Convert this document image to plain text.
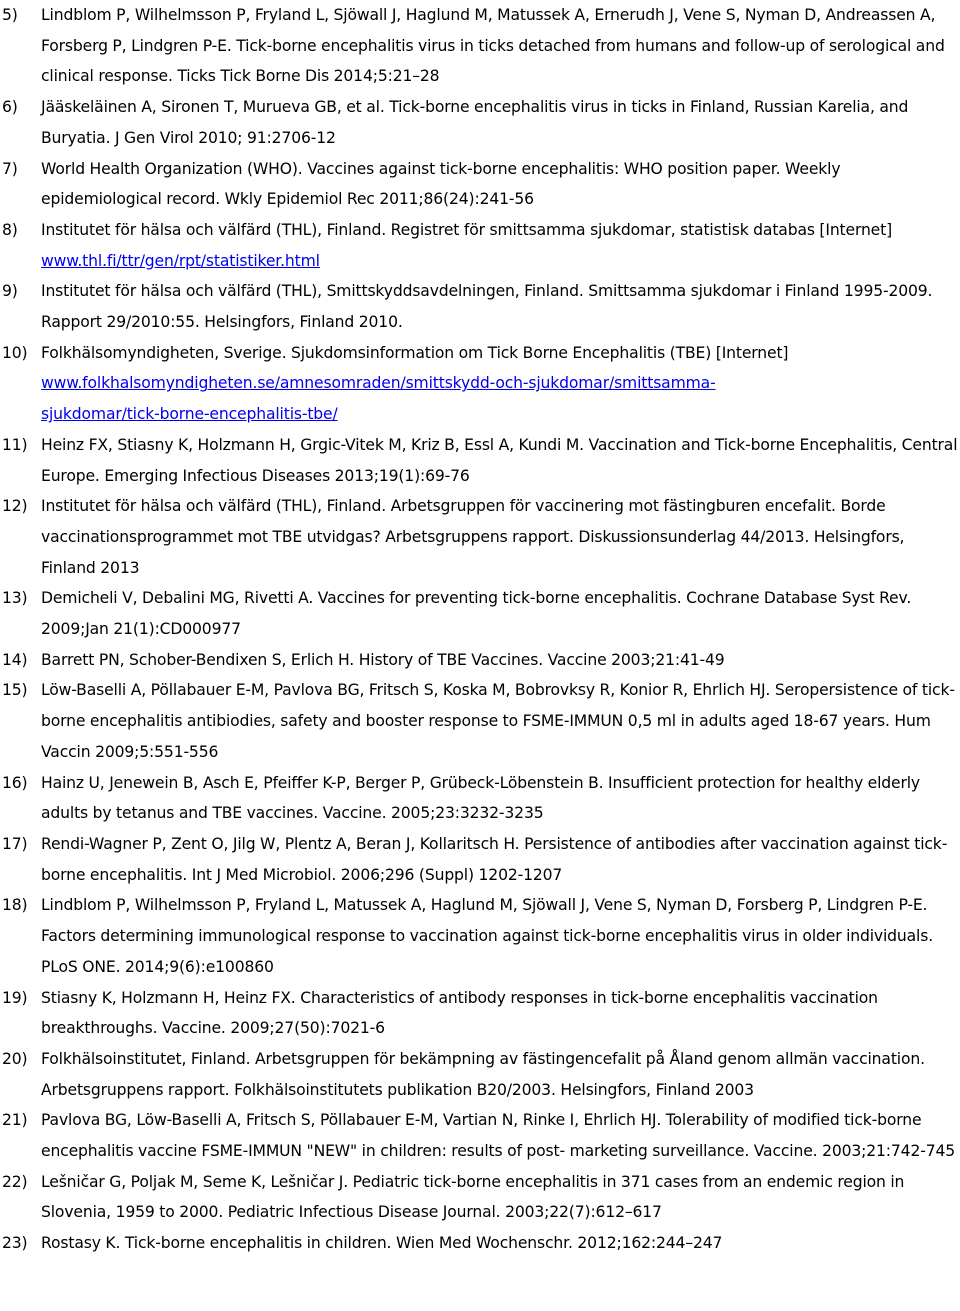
5) Lindblom P, Wilhelmsson P, Fryland L, Sjöwall J, Haglund M, Matussek A, Ernerudh J, Vene S, Nyman D, Andreassen A, Forsberg P, Lindgren P-E. Tick-borne encephalitis virus in ticks detached from humans and follow-up of serological and clinical response. Ticks Tick Borne Dis 2014;5:21–28
6) Jääskeläinen A, Sironen T, Murueva GB, et al. Tick-borne encephalitis virus in ticks in Finland, Russian Karelia, and Buryatia. J Gen Virol 2010; 91:2706-12
7) World Health Organization (WHO). Vaccines against tick-borne encephalitis: WHO position paper. Weekly epidemiological record. Wkly Epidemiol Rec 2011;86(24):241-56
8) Institutet för hälsa och välfärd (THL), Finland. Registret för smittsamma sjukdomar, statistisk databas [Internet] www.thl.fi/ttr/gen/rpt/statistiker.html
9) Institutet för hälsa och välfärd (THL), Smittskyddsavdelningen, Finland. Smittsamma sjukdomar i Finland 1995-2009. Rapport 29/2010:55. Helsingfors, Finland 2010.
10) Folkhälsomyndigheten, Sverige. Sjukdomsinformation om Tick Borne Encephalitis (TBE) [Internet]
www.folkhalsomyndigheten.se/amnesomraden/smittskydd-och-sjukdomar/smittsamma-
sjukdomar/tick-borne-encephalitis-tbe/
11) Heinz FX, Stiasny K, Holzmann H, Grgic-Vitek M, Kriz B, Essl A, Kundi M. Vaccination and Tick-borne Encephalitis, Central Europe. Emerging Infectious Diseases 2013;19(1):69-76
12) Institutet för hälsa och välfärd (THL), Finland. Arbetsgruppen för vaccinering mot fästingburen encefalit. Borde vaccinationsprogrammet mot TBE utvidgas? Arbetsgruppens rapport. Diskussionsunderlag 44/2013. Helsingfors, Finland 2013
13) Demicheli V, Debalini MG, Rivetti A. Vaccines for preventing tick-borne encephalitis. Cochrane Database Syst Rev. 2009;Jan 21(1):CD000977
14) Barrett PN, Schober-Bendixen S, Erlich H. History of TBE Vaccines. Vaccine 2003;21:41-49
15) Löw-Baselli A, Pöllabauer E-M, Pavlova BG, Fritsch S, Koska M, Bobrovksy R, Konior R, Ehrlich HJ. Seropersistence of tick-borne encephalitis antibiodies, safety and booster response to FSME-IMMUN 0,5 ml in adults aged 18-67 years. Hum Vaccin 2009;5:551-556
16) Hainz U, Jenewein B, Asch E, Pfeiffer K-P, Berger P, Grübeck-Löbenstein B. Insufficient protection for healthy elderly adults by tetanus and TBE vaccines. Vaccine. 2005;23:3232-3235
17) Rendi-Wagner P, Zent O, Jilg W, Plentz A, Beran J, Kollaritsch H. Persistence of antibodies after vaccination against tick-borne encephalitis. Int J Med Microbiol. 2006;296 (Suppl) 1202-1207
18) Lindblom P, Wilhelmsson P, Fryland L, Matussek A, Haglund M, Sjöwall J, Vene S, Nyman D, Forsberg P, Lindgren P-E. Factors determining immunological response to vaccination against tick-borne encephalitis virus in older individuals. PLoS ONE. 2014;9(6):e100860
19) Stiasny K, Holzmann H, Heinz FX. Characteristics of antibody responses in tick-borne encephalitis vaccination breakthroughs. Vaccine. 2009;27(50):7021-6
20) Folkhälsoinstitutet, Finland. Arbetsgruppen för bekämpning av fästingencefalit på Åland genom allmän vaccination. Arbetsgruppens rapport. Folkhälsoinstitutets publikation B20/2003. Helsingfors, Finland 2003
21) Pavlova BG, Löw-Baselli A, Fritsch S, Pöllabauer E-M, Vartian N, Rinke I, Ehrlich HJ. Tolerability of modified tick-borne encephalitis vaccine FSME-IMMUN "NEW" in children: results of post- marketing surveillance. Vaccine. 2003;21:742-745
22) Lešničar G, Poljak M, Seme K, Lešničar J. Pediatric tick-borne encephalitis in 371 cases from an endemic region in Slovenia, 1959 to 2000. Pediatric Infectious Disease Journal. 2003;22(7):612–617
23) Rostasy K. Tick-borne encephalitis in children. Wien Med Wochenschr. 2012;162:244–247
